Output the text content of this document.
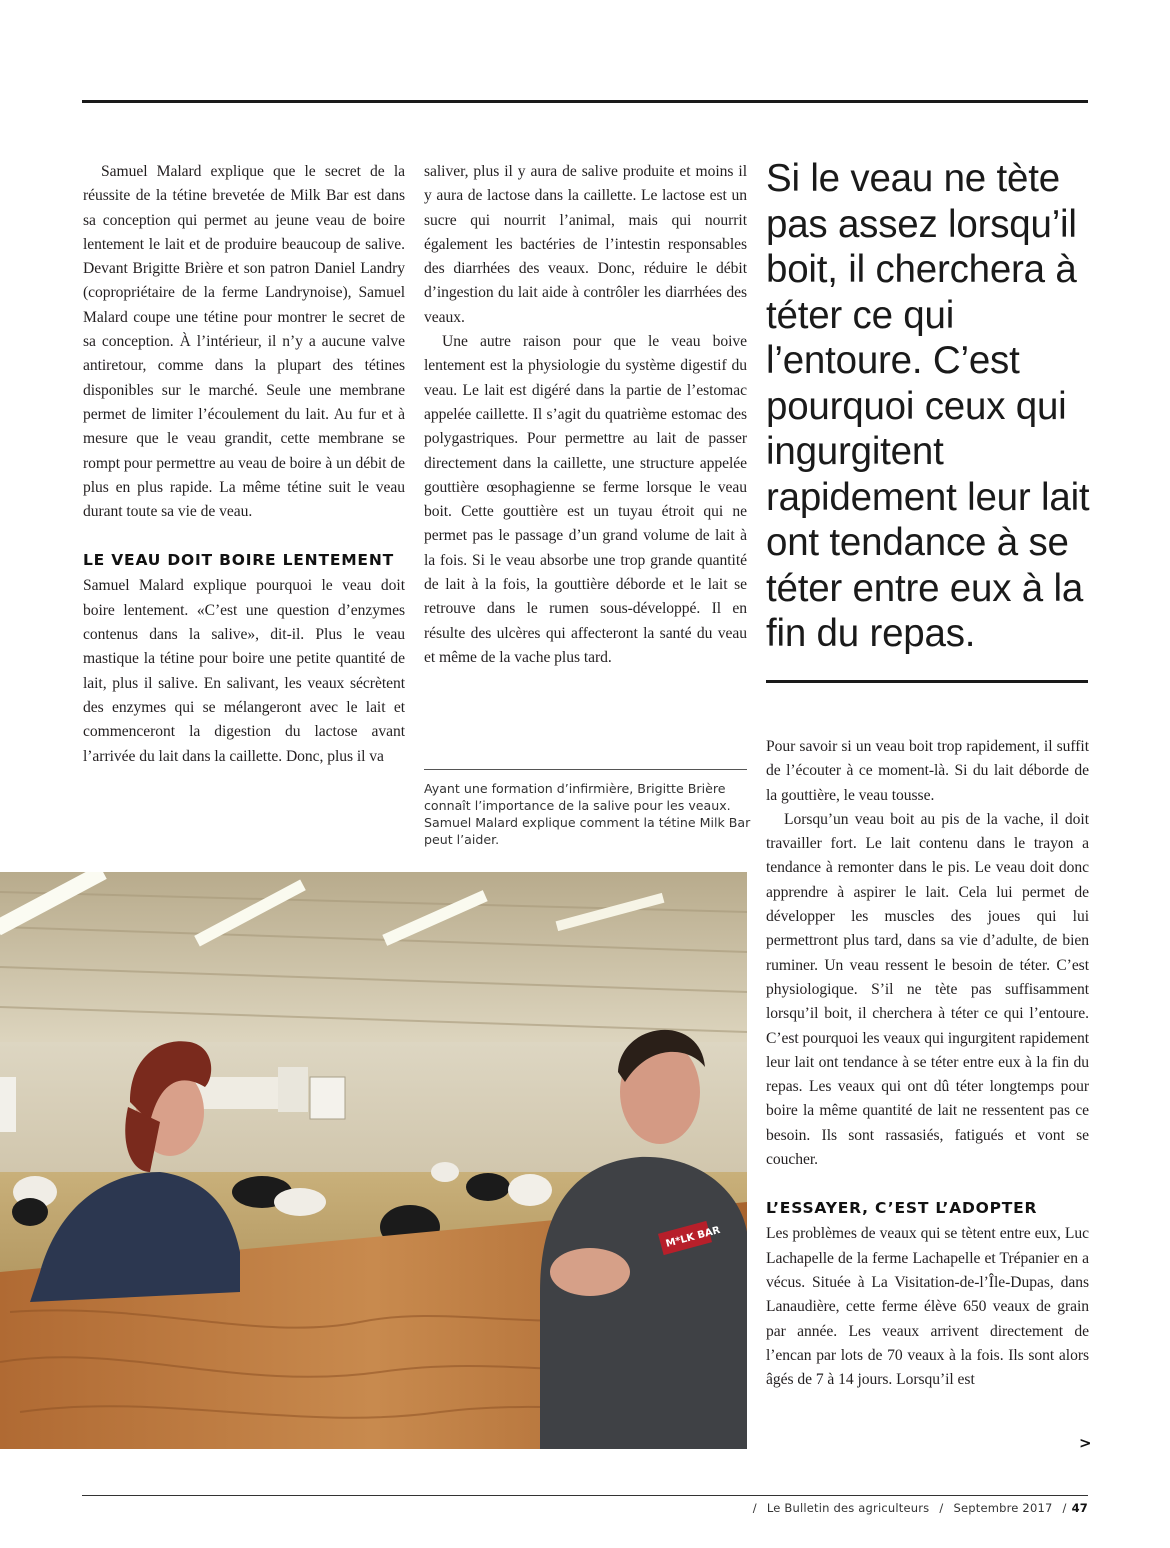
Samuel Malard explique que le secret de la réussite de la tétine brevetée de Milk Bar est dans sa conception qui permet au jeune veau de boire lentement le lait et de produire beaucoup de salive. Devant Brigitte Brière et son patron Daniel Landry (copropriétaire de la ferme Landrynoise), Samuel Malard coupe une tétine pour montrer le secret de sa conception. À l’intérieur, il n’y a aucune valve antiretour, comme dans la plupart des tétines disponibles sur le marché. Seule une membrane permet de limiter l’écoulement du lait. Au fur et à mesure que le veau grandit, cette membrane se rompt pour permettre au veau de boire à un débit de plus en plus rapide. La même tétine suit le veau durant toute sa vie de veau.

LE VEAU DOIT BOIRE LENTEMENT

Samuel Malard explique pourquoi le veau doit boire lentement. «C’est une question d’enzymes contenus dans la salive», dit-il. Plus le veau mastique la tétine pour boire une petite quantité de lait, plus il salive. En salivant, les veaux sécrètent des enzymes qui se mélangeront avec le lait et commenceront la digestion du lactose avant l’arrivée du lait dans la caillette. Donc, plus il va

saliver, plus il y aura de salive produite et moins il y aura de lactose dans la caillette. Le lactose est un sucre qui nourrit l’animal, mais qui nourrit également les bactéries de l’intestin responsables des diarrhées des veaux. Donc, réduire le débit d’ingestion du lait aide à contrôler les diarrhées des veaux.

Une autre raison pour que le veau boive lentement est la physiologie du système digestif du veau. Le lait est digéré dans la partie de l’estomac appelée caillette. Il s’agit du quatrième estomac des polygastriques. Pour permettre au lait de passer directement dans la caillette, une structure appelée gouttière œsophagienne se ferme lorsque le veau boit. Cette gouttière est un tuyau étroit qui ne permet pas le passage d’un grand volume de lait à la fois. Si le veau absorbe une trop grande quantité de lait à la fois, la gouttière déborde et le lait se retrouve dans le rumen sous-développé. Il en résulte des ulcères qui affecteront la santé du veau et même de la vache plus tard.

Ayant une formation d’infirmière, Brigitte Brière connaît l’importance de la salive pour les veaux. Samuel Malard explique comment la tétine Milk Bar peut l’aider.

Si le veau ne tète pas assez lorsqu’il boit, il cherchera à téter ce qui l’entoure. C’est pourquoi ceux qui ingurgitent rapidement leur lait ont tendance à se téter entre eux à la fin du repas.

Pour savoir si un veau boit trop rapidement, il suffit de l’écouter à ce moment-là. Si du lait déborde de la gouttière, le veau tousse.

Lorsqu’un veau boit au pis de la vache, il doit travailler fort. Le lait contenu dans le trayon a tendance à remonter dans le pis. Le veau doit donc apprendre à aspirer le lait. Cela lui permet de développer les muscles des joues qui lui permettront plus tard, dans sa vie d’adulte, de bien ruminer. Un veau ressent le besoin de téter. C’est physiologique. S’il ne tète pas suffisamment lorsqu’il boit, il cherchera à téter ce qui l’entoure. C’est pourquoi les veaux qui ingurgitent rapidement leur lait ont tendance à se téter entre eux à la fin du repas. Les veaux qui ont dû téter longtemps pour boire la même quantité de lait ne ressentent pas ce besoin. Ils sont rassasiés, fatigués et vont se coucher.

L’ESSAYER, C’EST L’ADOPTER

Les problèmes de veaux qui se tètent entre eux, Luc Lachapelle de la ferme Lachapelle et Trépanier en a vécus. Située à La Visitation-de-l’Île-Dupas, dans Lanaudière, cette ferme élève 650 veaux de grain par année. Les veaux arrivent directement de l’encan par lots de 70 veaux à la fois. Ils sont alors âgés de 7 à 14 jours. Lorsqu’il est

>
M*LK BAR
/ Le Bulletin des agriculteurs / Septembre 2017 / 47
